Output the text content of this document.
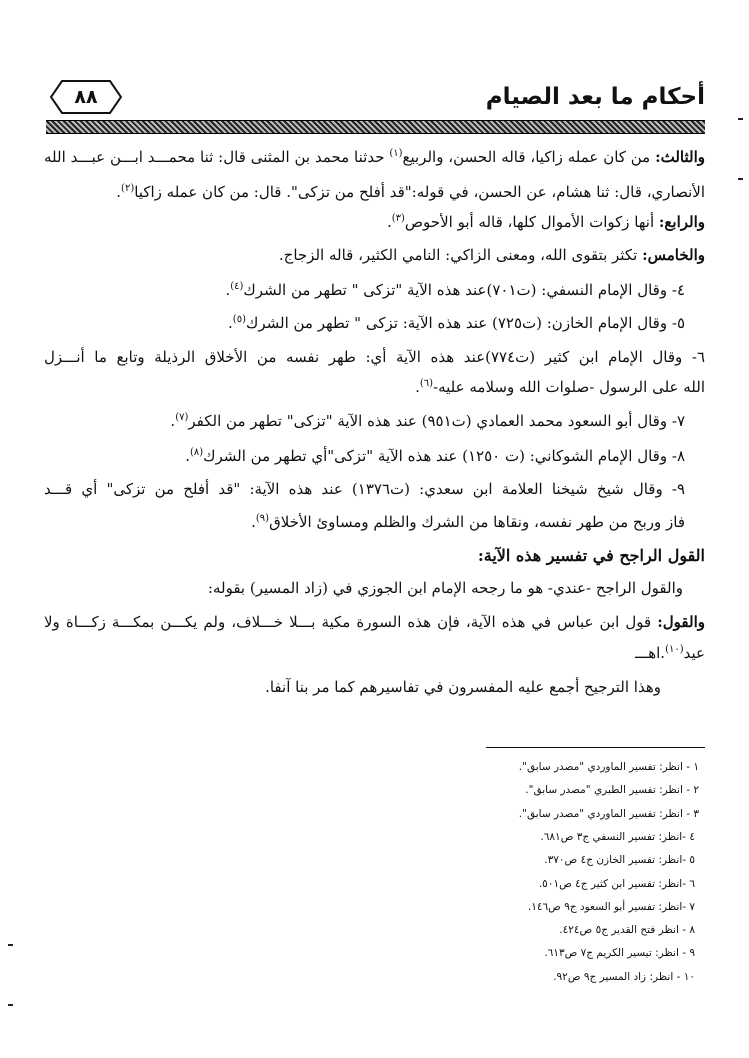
أحكام ما بعد الصيام
٨٨
والثالث: من كان عمله زاكيا، قاله الحسن، والربيع$^{(١)}$ حدثنا محمد بن المثنى قال: ثنا محمـــد ابـــن عبـــد الله
الأنصاري، قال: ثنا هشام، عن الحسن، في قوله:"قد أفلح من تزكى". قال: من كان عمله زاكيا$^{(٢)}$.
والرابع: أنها زكوات الأموال كلها، قاله أبو الأحوص$^{(٣)}$.
والخامس: تكثر بتقوى الله، ومعنى الزاكي: النامي الكثير، قاله الزجاج.
٤- وقال الإمام النسفي: (ت٧٠١)عند هذه الآية "تزكى " تطهر من الشرك$^{(٤)}$.
٥- وقال الإمام الخازن: (ت٧٢٥) عند هذه الآية: تزكى " تطهر من الشرك$^{(٥)}$.
٦- وقال الإمام ابن كثير (ت٧٧٤)عند هذه الآية أي: طهر نفسه من الأخلاق الرذيلة وتابع ما أنـــزل
الله على الرسول -صلوات الله وسلامه عليه-$^{(٦)}$.
٧- وقال أبو السعود محمد العمادي (ت٩٥١) عند هذه الآية "تزكى" تطهر من الكفر$^{(٧)}$.
٨- وقال الإمام الشوكاني: (ت ١٢٥٠) عند هذه الآية "تزكى"أي تطهر من الشرك$^{(٨)}$.
٩- وقال شيخ شيخنا العلامة ابن سعدي: (ت١٣٧٦) عند هذه الآية: "قد أفلح من تزكى" أي قـــد
فاز وربح من طهر نفسه، ونقاها من الشرك والظلم ومساوئ الأخلاق$^{(٩)}$.
القول الراجح في تفسير هذه الآية:
والقول الراجح -عندي- هو ما رجحه الإمام ابن الجوزي في (زاد المسير) بقوله:
والقول: قول ابن عباس في هذه الآية، فإن هذه السورة مكية بـــلا خـــلاف، ولم يكـــن بمكـــة زكـــاة ولا
عيد$^{(١٠)}$.اهـــ
وهذا الترجيح أجمع عليه المفسرون في تفاسيرهم كما مر بنا آنفا.
١ - انظر: تفسير الماوردي "مصدر سابق".
٢ - انظر: تفسير الطبري "مصدر سابق".
٣ - انظر: تفسير الماوردي "مصدر سابق".
٤ -انظر: تفسير النسفي ج٣ ص٦٨١.
٥ -انظر: تفسير الخازن ج٤ ص٣٧٠.
٦ -انظر: تفسير ابن كثير ج٤ ص٥٠١.
٧ -انظر: تفسير أبو السعود ج٩ ص١٤٦.
٨ - انظر فتح القدير ج٥ ص٤٢٤.
٩ - انظر: تيسير الكريم ج٧ ص٦١٣.
١٠ - انظر: زاد المسير ج٩ ص٩٢.
